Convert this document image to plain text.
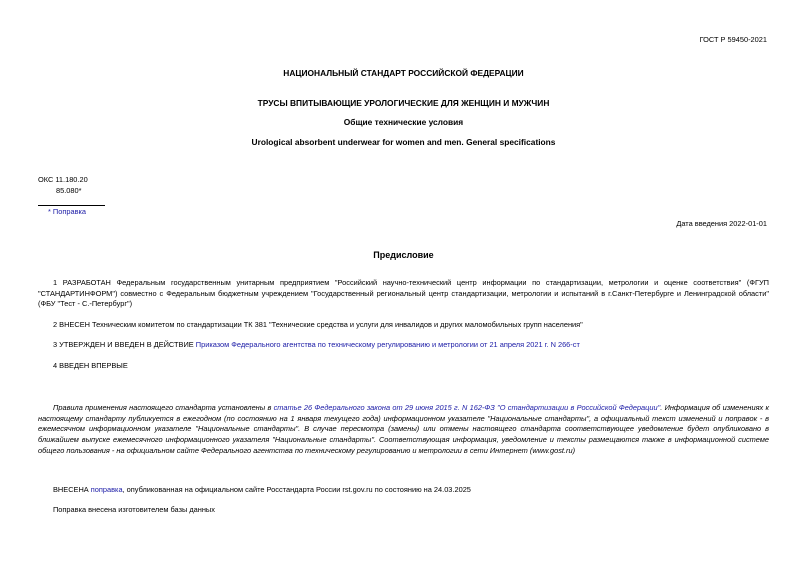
ГОСТ Р 59450-2021
НАЦИОНАЛЬНЫЙ СТАНДАРТ РОССИЙСКОЙ ФЕДЕРАЦИИ
ТРУСЫ ВПИТЫВАЮЩИЕ УРОЛОГИЧЕСКИЕ ДЛЯ ЖЕНЩИН И МУЖЧИН
Общие технические условия
Urological absorbent underwear for women and men. General specifications
ОКС 11.180.20
85.080*
* Поправка
Дата введения 2022-01-01
Предисловие
1 РАЗРАБОТАН Федеральным государственным унитарным предприятием "Российский научно-технический центр информации по стандартизации, метрологии и оценке соответствия" (ФГУП "СТАНДАРТИНФОРМ") совместно с Федеральным бюджетным учреждением "Государственный региональный центр стандартизации, метрологии и испытаний в г.Санкт-Петербурге и Ленинградской области" (ФБУ "Тест - С.-Петербург")
2 ВНЕСЕН Техническим комитетом по стандартизации ТК 381 "Технические средства и услуги для инвалидов и других маломобильных групп населения"
3 УТВЕРЖДЕН И ВВЕДЕН В ДЕЙСТВИЕ Приказом Федерального агентства по техническому регулированию и метрологии от 21 апреля 2021 г. N 266-ст
4 ВВЕДЕН ВПЕРВЫЕ
Правила применения настоящего стандарта установлены в статье 26 Федерального закона от 29 июня 2015 г. N 162-ФЗ "О стандартизации в Российской Федерации". Информация об изменениях к настоящему стандарту публикуется в ежегодном (по состоянию на 1 января текущего года) информационном указателе "Национальные стандарты", а официальный текст изменений и поправок - в ежемесячном информационном указателе "Национальные стандарты". В случае пересмотра (замены) или отмены настоящего стандарта соответствующее уведомление будет опубликовано в ближайшем выпуске ежемесячного информационного указателя "Национальные стандарты". Соответствующая информация, уведомление и тексты размещаются также в информационной системе общего пользования - на официальном сайте Федерального агентства по техническому регулированию и метрологии в сети Интернет (www.gost.ru)
ВНЕСЕНА поправка, опубликованная на официальном сайте Росстандарта России rst.gov.ru по состоянию на 24.03.2025
Поправка внесена изготовителем базы данных
